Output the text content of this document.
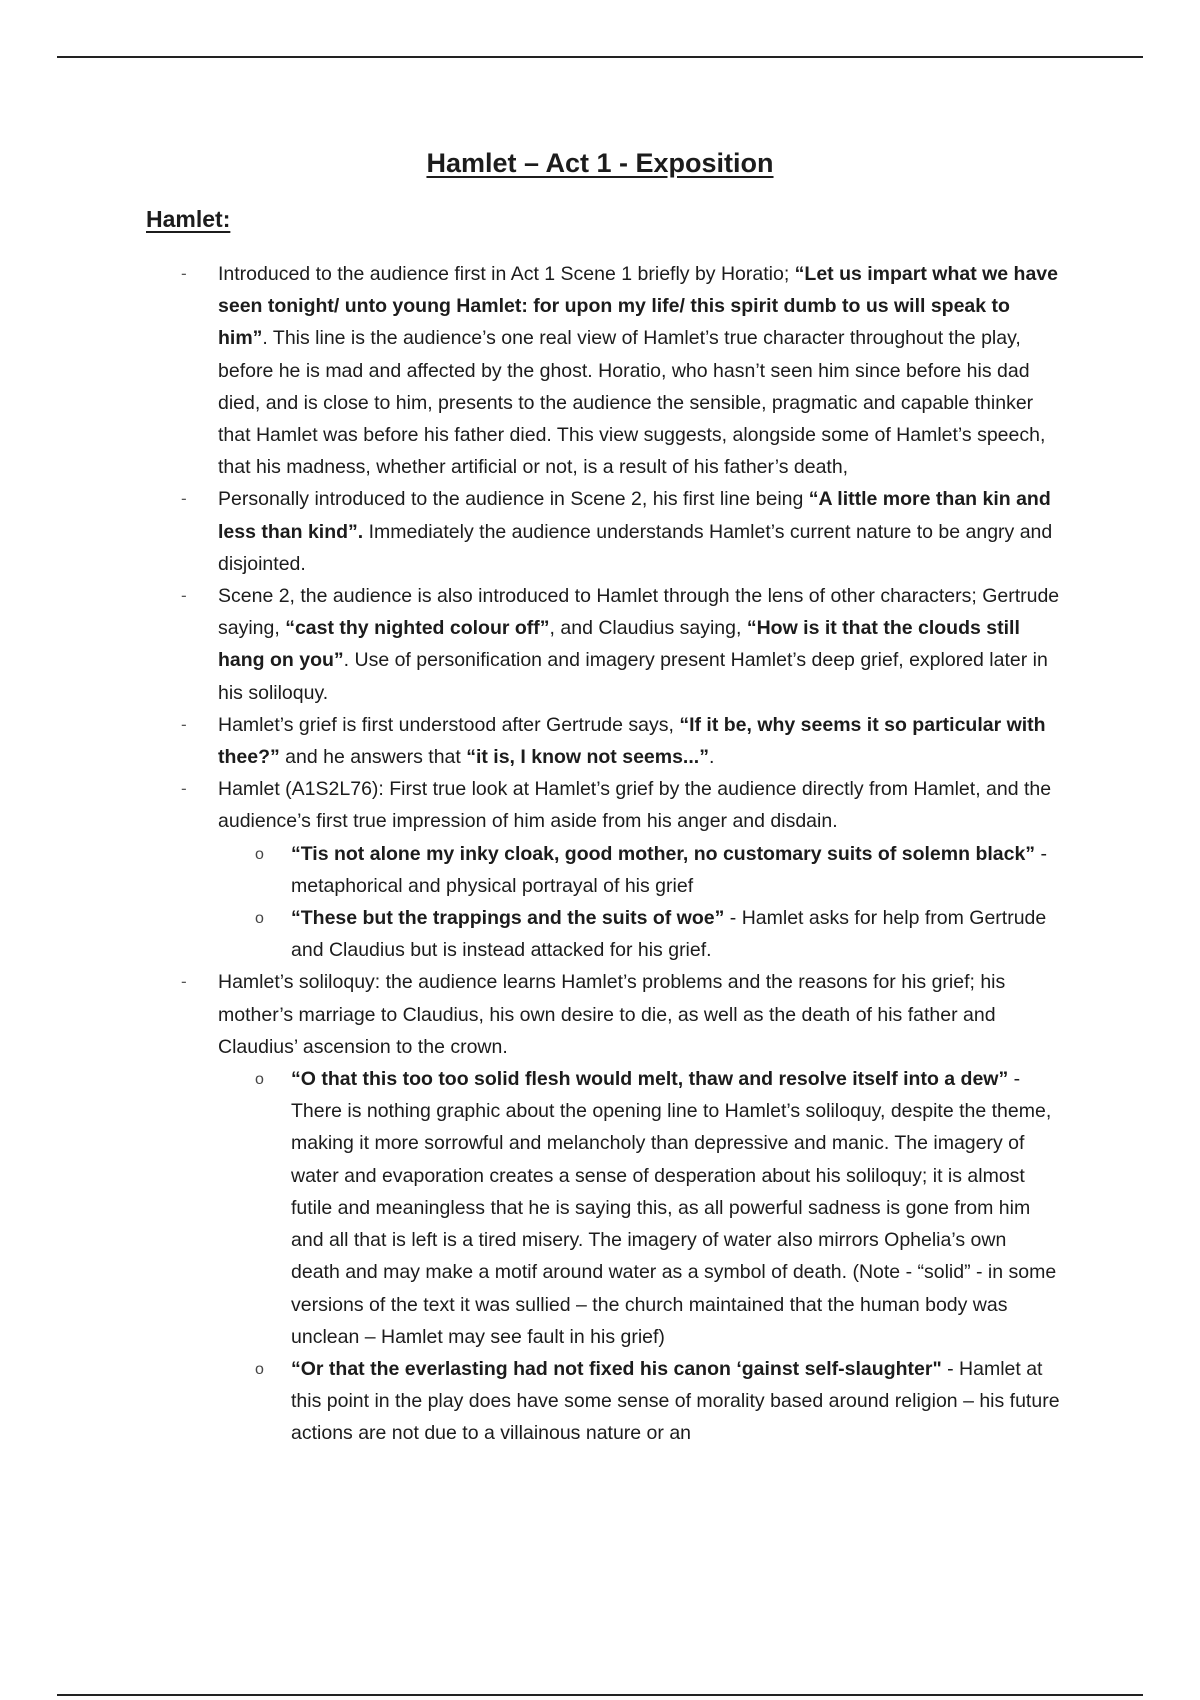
Hamlet – Act 1 - Exposition
Hamlet:
- Introduced to the audience first in Act 1 Scene 1 briefly by Horatio; “Let us impart what we have seen tonight/ unto young Hamlet: for upon my life/ this spirit dumb to us will speak to him”. This line is the audience’s one real view of Hamlet’s true character throughout the play, before he is mad and affected by the ghost. Horatio, who hasn’t seen him since before his dad died, and is close to him, presents to the audience the sensible, pragmatic and capable thinker that Hamlet was before his father died. This view suggests, alongside some of Hamlet’s speech, that his madness, whether artificial or not, is a result of his father’s death,
- Personally introduced to the audience in Scene 2, his first line being “A little more than kin and less than kind”. Immediately the audience understands Hamlet’s current nature to be angry and disjointed.
- Scene 2, the audience is also introduced to Hamlet through the lens of other characters; Gertrude saying, “cast thy nighted colour off”, and Claudius saying, “How is it that the clouds still hang on you”. Use of personification and imagery present Hamlet’s deep grief, explored later in his soliloquy.
- Hamlet’s grief is first understood after Gertrude says, “If it be, why seems it so particular with thee?” and he answers that “it is, I know not seems...”.
- Hamlet (A1S2L76): First true look at Hamlet’s grief by the audience directly from Hamlet, and the audience’s first true impression of him aside from his anger and disdain.
o “Tis not alone my inky cloak, good mother, no customary suits of solemn black” - metaphorical and physical portrayal of his grief
o “These but the trappings and the suits of woe” - Hamlet asks for help from Gertrude and Claudius but is instead attacked for his grief.
- Hamlet’s soliloquy: the audience learns Hamlet’s problems and the reasons for his grief; his mother’s marriage to Claudius, his own desire to die, as well as the death of his father and Claudius’ ascension to the crown.
o “O that this too too solid flesh would melt, thaw and resolve itself into a dew” - There is nothing graphic about the opening line to Hamlet’s soliloquy, despite the theme, making it more sorrowful and melancholy than depressive and manic. The imagery of water and evaporation creates a sense of desperation about his soliloquy; it is almost futile and meaningless that he is saying this, as all powerful sadness is gone from him and all that is left is a tired misery. The imagery of water also mirrors Ophelia’s own death and may make a motif around water as a symbol of death. (Note - “solid” - in some versions of the text it was sullied – the church maintained that the human body was unclean – Hamlet may see fault in his grief)
o “Or that the everlasting had not fixed his canon ‘gainst self-slaughter" - Hamlet at this point in the play does have some sense of morality based around religion – his future actions are not due to a villainous nature or an
